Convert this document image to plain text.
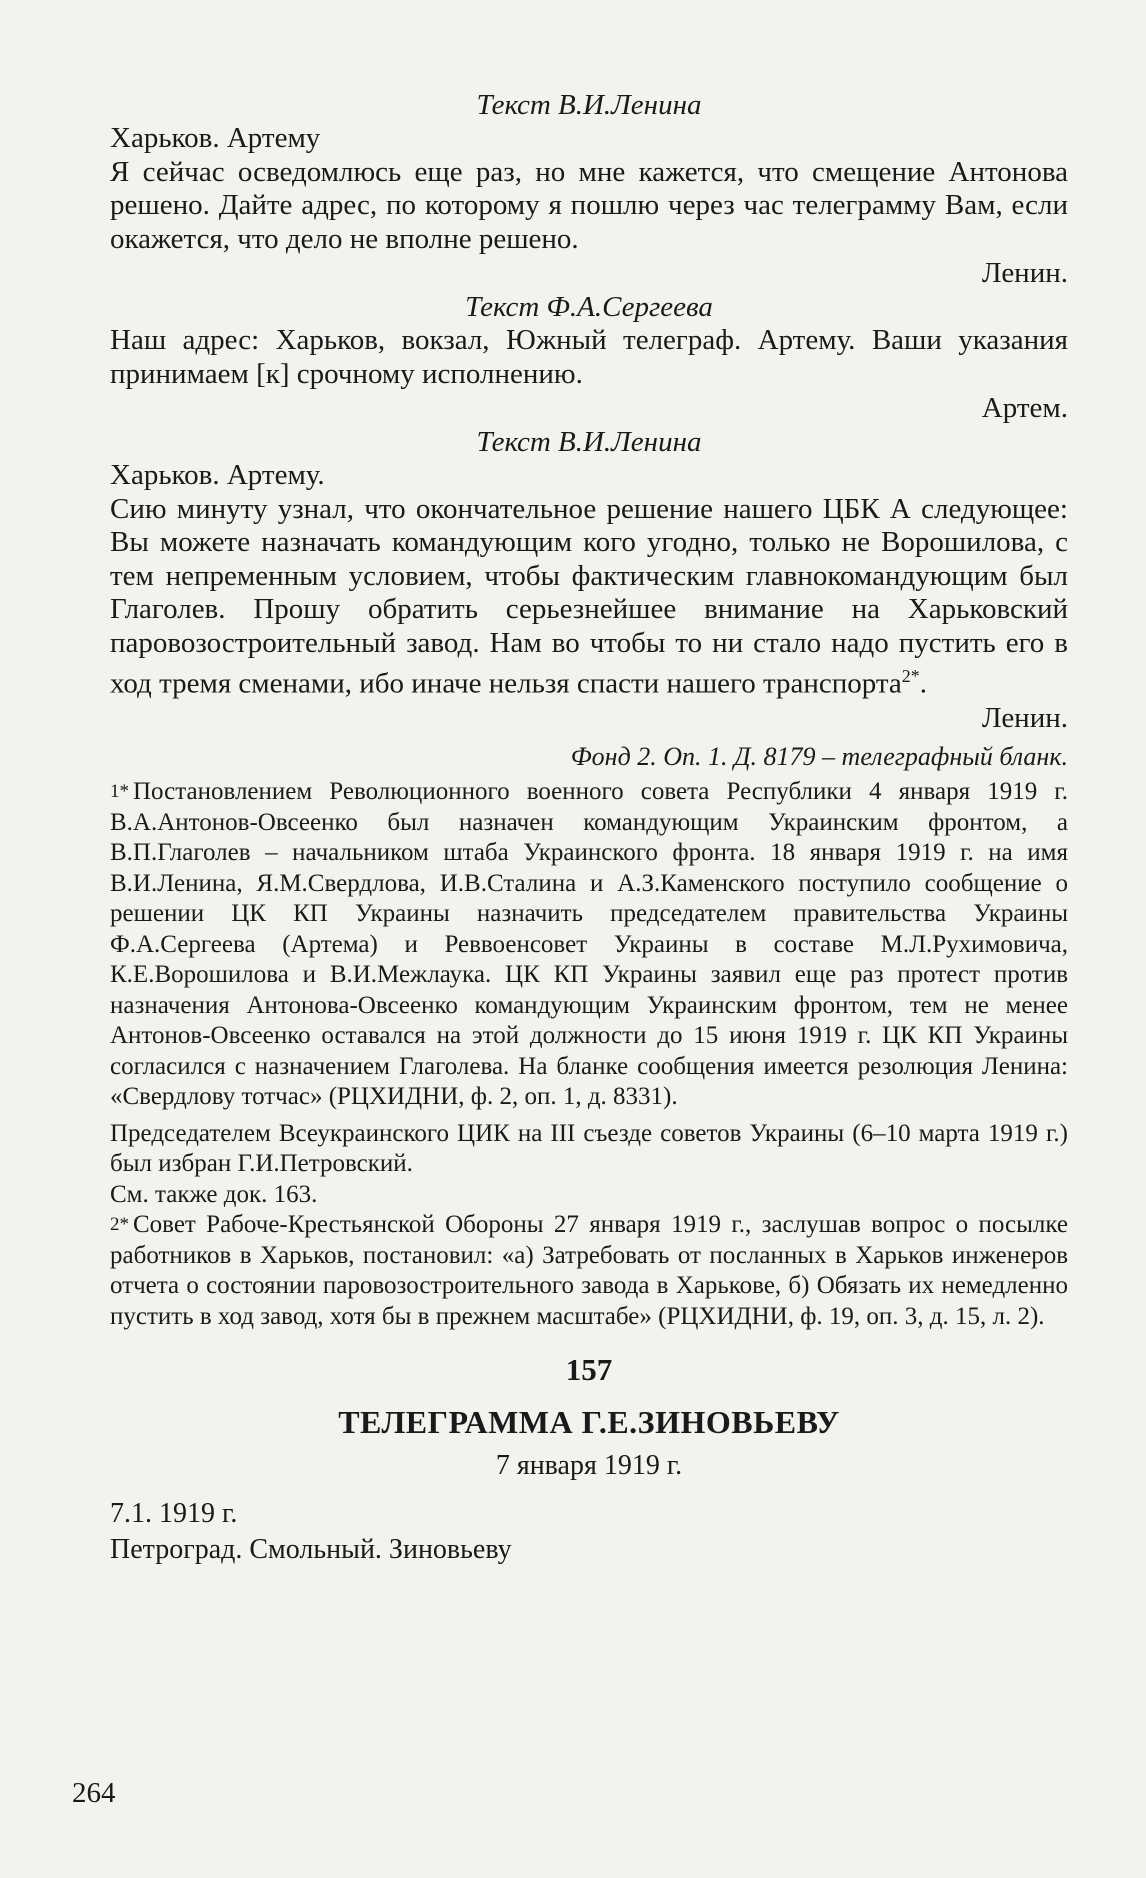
Текст В.И.Ленина

Харьков. Артему

Я сейчас осведомлюсь еще раз, но мне кажется, что смещение Антонова решено. Дайте адрес, по которому я пошлю через час телеграмму Вам, если окажется, что дело не вполне решено.

Ленин.

Текст Ф.А.Сергеева

Наш адрес: Харьков, вокзал, Южный телеграф. Артему. Ваши указания принимаем [к] срочному исполнению.

Артем.

Текст В.И.Ленина

Харьков. Артему.

Сию минуту узнал, что окончательное решение нашего ЦБК А следующее: Вы можете назначать командующим кого угодно, только не Ворошилова, с тем непременным условием, чтобы фактическим главнокомандующим был Глаголев. Прошу обратить серьезнейшее внимание на Харьковский паровозостроительный завод. Нам во чтобы то ни стало надо пустить его в ход тремя сменами, ибо иначе нельзя спасти нашего транспорта$^{2*}$.

Ленин.

Фонд 2. Оп. 1. Д. 8179 – телеграфный бланк.

$^{1*}$ Постановлением Революционного военного совета Республики 4 января 1919 г. В.А.Антонов-Овсеенко был назначен командующим Украинским фронтом, а В.П.Глаголев – начальником штаба Украинского фронта. 18 января 1919 г. на имя В.И.Ленина, Я.М.Свердлова, И.В.Сталина и А.З.Каменского поступило сообщение о решении ЦК КП Украины назначить председателем правительства Украины Ф.А.Сергеева (Артема) и Реввоенсовет Украины в составе М.Л.Рухимовича, К.Е.Ворошилова и В.И.Межлаука. ЦК КП Украины заявил еще раз протест против назначения Антонова-Овсеенко командующим Украинским фронтом, тем не менее Антонов-Овсеенко оставался на этой должности до 15 июня 1919 г. ЦК КП Украины согласился с назначением Глаголева. На бланке сообщения имеется резолюция Ленина: «Свердлову тотчас» (РЦХИДНИ, ф. 2, оп. 1, д. 8331).

Председателем Всеукраинского ЦИК на III съезде советов Украины (6–10 марта 1919 г.) был избран Г.И.Петровский.

См. также док. 163.

$^{2*}$ Совет Рабоче-Крестьянской Обороны 27 января 1919 г., заслушав вопрос о посылке работников в Харьков, постановил: «а) Затребовать от посланных в Харьков инженеров отчета о состоянии паровозостроительного завода в Харькове, б) Обязать их немедленно пустить в ход завод, хотя бы в прежнем масштабе» (РЦХИДНИ, ф. 19, оп. 3, д. 15, л. 2).

157

ТЕЛЕГРАММА Г.Е.ЗИНОВЬЕВУ

7 января 1919 г.

7.1. 1919 г.

Петроград. Смольный. Зиновьеву

264
